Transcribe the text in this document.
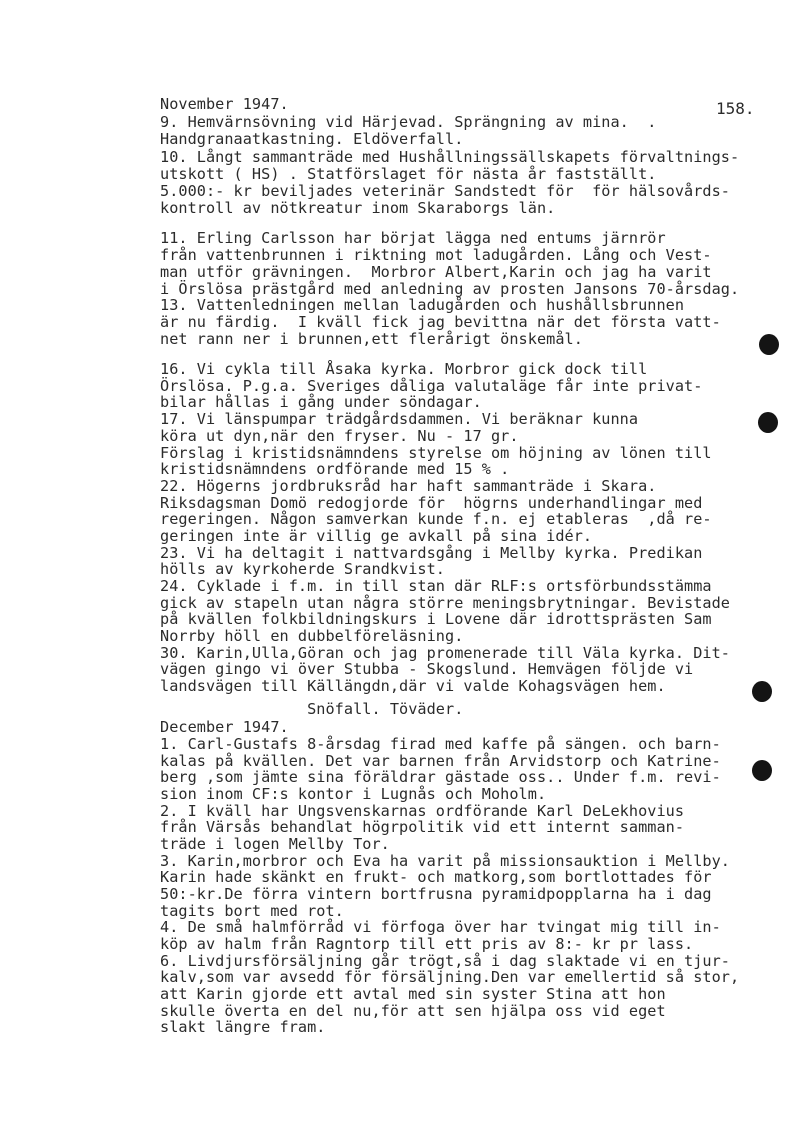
158.
November 1947.
9. Hemvärnsövning vid Härjevad. Sprängning av mina.  .
Handgranaatkastning. Eldöverfall.
10. Långt sammanträde med Hushållningssällskapets förvaltnings-
utskott ( HS) . Statförslaget för nästa år fastställt.
5.000:- kr beviljades veterinär Sandstedt för  för hälsovårds-
kontroll av nötkreatur inom Skaraborgs län.
11. Erling Carlsson har börjat lägga ned entums järnrör
från vattenbrunnen i riktning mot ladugården. Lång och Vest-
man utför grävningen.  Morbror Albert,Karin och jag ha varit
i Örslösa prästgård med anledning av prosten Jansons 70-årsdag.
13. Vattenledningen mellan ladugården och hushållsbrunnen
är nu färdig.  I kväll fick jag bevittna när det första vatt-
net rann ner i brunnen,ett flerårigt önskemål.
16. Vi cykla till Åsaka kyrka. Morbror gick dock till
Örslösa. P.g.a. Sveriges dåliga valutaläge får inte privat-
bilar hållas i gång under söndagar.
17. Vi länspumpar trädgårdsdammen. Vi beräknar kunna
köra ut dyn,när den fryser. Nu - 17 gr.
Förslag i kristidsnämndens styrelse om höjning av lönen till
kristidsnämndens ordförande med 15 % .
22. Högerns jordbruksråd har haft sammanträde i Skara.
Riksdagsman Domö redogjorde för  högrns underhandlingar med
regeringen. Någon samverkan kunde f.n. ej etableras  ,då re-
geringen inte är villig ge avkall på sina idér.
23. Vi ha deltagit i nattvardsgång i Mellby kyrka. Predikan
hölls av kyrkoherde Srandkvist.
24. Cyklade i f.m. in till stan där RLF:s ortsförbundsstämma
gick av stapeln utan några större meningsbrytningar. Bevistade
på kvällen folkbildningskurs i Lovene där idrottsprästen Sam
Norrby höll en dubbelföreläsning.
30. Karin,Ulla,Göran och jag promenerade till Väla kyrka. Dit-
vägen gingo vi över Stubba - Skogslund. Hemvägen följde vi
landsvägen till Källängdn,där vi valde Kohagsvägen hem.
Snöfall. Töväder.
December 1947.
1. Carl-Gustafs 8-årsdag firad med kaffe på sängen. och barn-
kalas på kvällen. Det var barnen från Arvidstorp och Katrine-
berg ,som jämte sina föräldrar gästade oss.. Under f.m. revi-
sion inom CF:s kontor i Lugnås och Moholm.
2. I kväll har Ungsvenskarnas ordförande Karl DeLekhovius
från Värsås behandlat högrpolitik vid ett internt samman-
träde i logen Mellby Tor.
3. Karin,morbror och Eva ha varit på missionsauktion i Mellby.
Karin hade skänkt en frukt- och matkorg,som bortlottades för
50:-kr.De förra vintern bortfrusna pyramidpopplarna ha i dag
tagits bort med rot.
4. De små halmförråd vi förfoga över har tvingat mig till in-
köp av halm från Ragntorp till ett pris av 8:- kr pr lass.
6. Livdjursförsäljning går trögt,så i dag slaktade vi en tjur-
kalv,som var avsedd för försäljning.Den var emellertid så stor,
att Karin gjorde ett avtal med sin syster Stina att hon
skulle överta en del nu,för att sen hjälpa oss vid eget
slakt längre fram.
